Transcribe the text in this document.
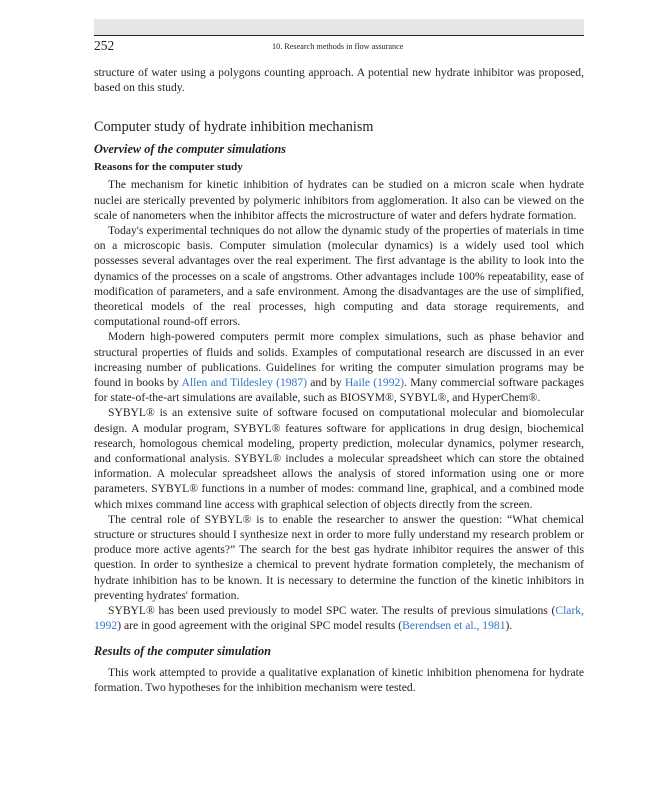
252	10. Research methods in flow assurance

structure of water using a polygons counting approach. A potential new hydrate inhibitor was proposed, based on this study.

Computer study of hydrate inhibition mechanism
Overview of the computer simulations
Reasons for the computer study

The mechanism for kinetic inhibition of hydrates can be studied on a micron scale when hydrate nuclei are sterically prevented by polymeric inhibitors from agglomeration. It also can be viewed on the scale of nanometers when the inhibitor affects the microstructure of water and defers hydrate formation.

Today's experimental techniques do not allow the dynamic study of the properties of materials in time on a microscopic basis. Computer simulation (molecular dynamics) is a widely used tool which possesses several advantages over the real experiment. The first advantage is the ability to look into the dynamics of the processes on a scale of angstroms. Other advantages include 100% repeatability, ease of modification of parameters, and a safe environment. Among the disadvantages are the use of simplified, theoretical models of the real processes, high computing and data storage requirements, and computational round-off errors.

Modern high-powered computers permit more complex simulations, such as phase behavior and structural properties of fluids and solids. Examples of computational research are discussed in an ever increasing number of publications. Guidelines for writing the computer simulation programs may be found in books by Allen and Tildesley (1987) and by Haile (1992). Many commercial software packages for state-of-the-art simulations are available, such as BIOSYM®, SYBYL®, and HyperChem®.

SYBYL® is an extensive suite of software focused on computational molecular and biomolecular design. A modular program, SYBYL® features software for applications in drug design, biochemical research, homologous chemical modeling, property prediction, molecular dynamics, polymer research, and conformational analysis. SYBYL® includes a molecular spreadsheet which can store the obtained information. A molecular spreadsheet allows the analysis of stored information using one or more parameters. SYBYL® functions in a number of modes: command line, graphical, and a combined mode which mixes command line access with graphical selection of objects directly from the screen.

The central role of SYBYL® is to enable the researcher to answer the question: “What chemical structure or structures should I synthesize next in order to more fully understand my research problem or produce more active agents?” The search for the best gas hydrate inhibitor requires the answer of this question. In order to synthesize a chemical to prevent hydrate formation completely, the mechanism of hydrate inhibition has to be known. It is necessary to determine the function of the kinetic inhibitors in preventing hydrates' formation.

SYBYL® has been used previously to model SPC water. The results of previous simulations (Clark, 1992) are in good agreement with the original SPC model results (Berendsen et al., 1981).

Results of the computer simulation

This work attempted to provide a qualitative explanation of kinetic inhibition phenomena for hydrate formation. Two hypotheses for the inhibition mechanism were tested.
